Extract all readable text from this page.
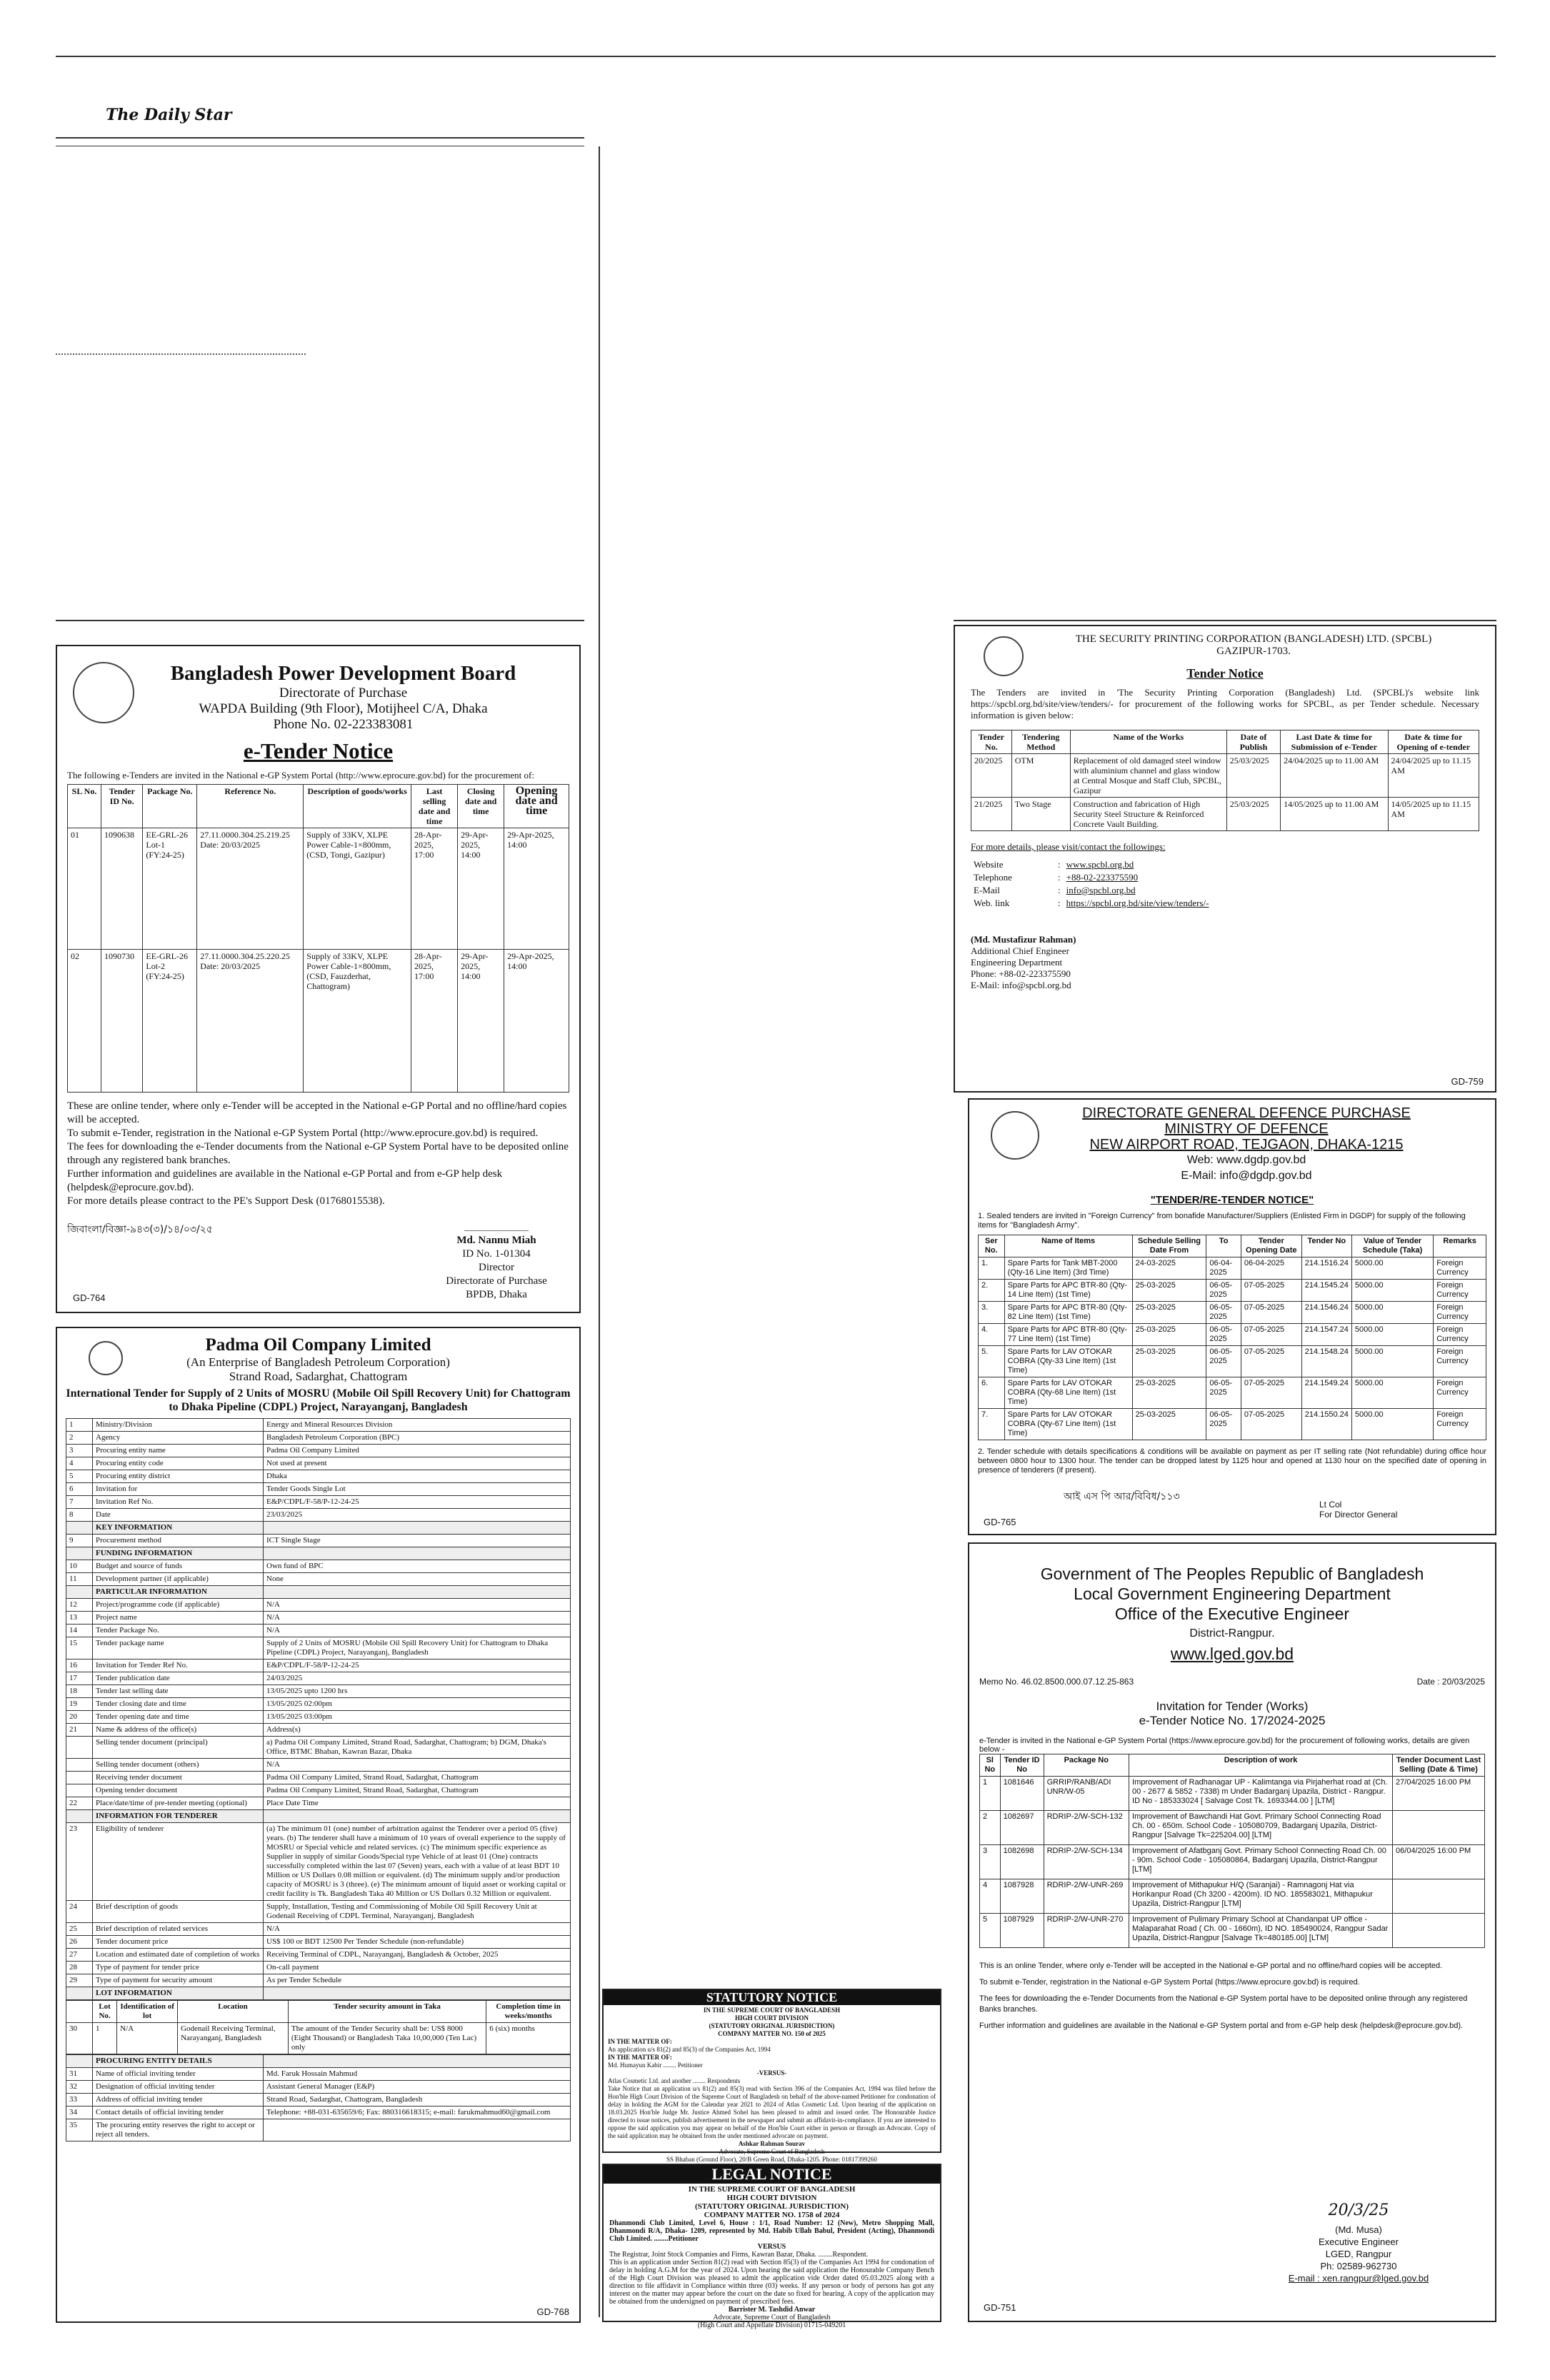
The Daily Star
Bangladesh Power Development Board
Directorate of Purchase
WAPDA Building (9th Floor), Motijheel C/A, Dhaka
Phone No. 02-223383081
e-Tender Notice
The following e-Tenders are invited in the National e-GP System Portal (http://www.eprocure.gov.bd) for the procurement of:
SL No.	Tender ID No.	Package No.	Reference No.	Description of goods/works	Last selling date and time	Closing date and time	Opening date and time
01	1090638	EE-GRL-26 Lot-1 (FY:24-25)	27.11.0000.304.25.219.25 Date: 20/03/2025	Supply of 33KV, XLPE Power Cable-1×800mm, (CSD, Tongi, Gazipur)	28-Apr-2025, 17:00	29-Apr-2025, 14:00	29-Apr-2025, 14:00
02	1090730	EE-GRL-26 Lot-2 (FY:24-25)	27.11.0000.304.25.220.25 Date: 20/03/2025	Supply of 33KV, XLPE Power Cable-1×800mm, (CSD, Fauzderhat, Chattogram)	28-Apr-2025, 17:00	29-Apr-2025, 14:00	29-Apr-2025, 14:00
These are online tender, where only e-Tender will be accepted in the National e-GP Portal and no offline/hard copies will be accepted.
To submit e-Tender, registration in the National e-GP System Portal (http://www.eprocure.gov.bd) is required.
The fees for downloading the e-Tender documents from the National e-GP System Portal have to be deposited online through any registered bank branches.
Further information and guidelines are available in the National e-GP Portal and from e-GP help desk (helpdesk@eprocure.gov.bd).
For more details please contract to the PE's Support Desk (01768015538).
জিবাংলা/বিজ্ঞা-৯৪৩(৩)/১৪/০৩/২৫
Md. Nannu Miah
ID No. 1-01304
Director
Directorate of Purchase
BPDB, Dhaka
GD-764
Padma Oil Company Limited
(An Enterprise of Bangladesh Petroleum Corporation)
Strand Road, Sadarghat, Chattogram
International Tender for Supply of 2 Units of MOSRU (Mobile Oil Spill Recovery Unit) for Chattogram to Dhaka Pipeline (CDPL) Project, Narayanganj, Bangladesh
1	Ministry/Division	Energy and Mineral Resources Division
2	Agency	Bangladesh Petroleum Corporation (BPC)
3	Procuring entity name	Padma Oil Company Limited
4	Procuring entity code	Not used at present
5	Procuring entity district	Dhaka
6	Invitation for	Tender Goods Single Lot
7	Invitation Ref No.	E&P/CDPL/F-58/P-12-24-25
8	Date	23/03/2025
	KEY INFORMATION	
9	Procurement method	ICT Single Stage
	FUNDING INFORMATION	
10	Budget and source of funds	Own fund of BPC
11	Development partner (if applicable)	None
	PARTICULAR INFORMATION	
12	Project/programme code (if applicable)	N/A
13	Project name	N/A
14	Tender Package No.	N/A
15	Tender package name	Supply of 2 Units of MOSRU (Mobile Oil Spill Recovery Unit) for Chattogram to Dhaka Pipeline (CDPL) Project, Narayanganj, Bangladesh
16	Invitation for Tender Ref No.	E&P/CDPL/F-58/P-12-24-25
17	Tender publication date	24/03/2025
18	Tender last selling date	13/05/2025 upto 1200 hrs
19	Tender closing date and time	13/05/2025 02:00pm
20	Tender opening date and time	13/05/2025 03:00pm
21	Name & address of the office(s)	Address(s)
	Selling tender document (principal)	a) Padma Oil Company Limited, Strand Road, Sadarghat, Chattogram; b) DGM, Dhaka's Office, BTMC Bhaban, Kawran Bazar, Dhaka
	Selling tender document (others)	N/A
	Receiving tender document	Padma Oil Company Limited, Strand Road, Sadarghat, Chattogram
	Opening tender document	Padma Oil Company Limited, Strand Road, Sadarghat, Chattogram
22	Place/date/time of pre-tender meeting (optional)	Place Date Time
	INFORMATION FOR TENDERER	
23	Eligibility of tenderer	(a) The minimum 01 (one) number of arbitration against the Tenderer over a period 05 (five) years. (b) The tenderer shall have a minimum of 10 years of overall experience to the supply of MOSRU or Special vehicle and related services. (c) The minimum specific experience as Supplier in supply of similar Goods/Special type Vehicle of at least 01 (One) contracts successfully completed within the last 07 (Seven) years, each with a value of at least BDT 10 Million or US Dollars 0.08 million or equivalent. (d) The minimum supply and/or production capacity of MOSRU is 3 (three). (e) The minimum amount of liquid asset or working capital or credit facility is Tk. Bangladesh Taka 40 Million or US Dollars 0.32 Million or equivalent.
24	Brief description of goods	Supply, Installation, Testing and Commissioning of Mobile Oil Spill Recovery Unit at Godenail Receiving of CDPL Terminal, Narayanganj, Bangladesh
25	Brief description of related services	N/A
26	Tender document price	US$ 100 or BDT 12500 Per Tender Schedule (non-refundable)
27	Location and estimated date of completion of works	Receiving Terminal of CDPL, Narayanganj, Bangladesh & October, 2025
28	Type of payment for tender price	On-call payment
29	Type of payment for security amount	As per Tender Schedule
	LOT INFORMATION	
	Lot No.	Identification of lot	Location	Tender security amount in Taka	Completion time in weeks/months
30	1	N/A	Godenail Receiving Terminal, Narayanganj, Bangladesh	The amount of the Tender Security shall be: US$ 8000 (Eight Thousand) or Bangladesh Taka 10,00,000 (Ten Lac) only	6 (six) months
	PROCURING ENTITY DETAILS	
31	Name of official inviting tender	Md. Faruk Hossain Mahmud
32	Designation of official inviting tender	Assistant General Manager (E&P)
33	Address of official inviting tender	Strand Road, Sadarghat, Chattogram, Bangladesh
34	Contact details of official inviting tender	Telephone: +88-031-635659/6; Fax: 880316618315; e-mail: farukmahmud60@gmail.com
35	The procuring entity reserves the right to accept or reject all tenders.	
GD-768
STATUTORY NOTICE
IN THE SUPREME COURT OF BANGLADESH
HIGH COURT DIVISION
(STATUTORY ORIGINAL JURISDICTION)
COMPANY MATTER NO. 150 of 2025
IN THE MATTER OF:
An application u/s 81(2) and 85(3) of the Companies Act, 1994
IN THE MATTER OF:
Md. Humayun Kabir ........ Petitioner
-VERSUS-
Atlas Cosmetic Ltd. and another ........ Respondents
Take Notice that an application u/s 81(2) and 85(3) read with Section 396 of the Companies Act, 1994 was filed before the Hon'ble High Court Division of the Supreme Court of Bangladesh on behalf of the above-named Petitioner for condonation of delay in holding the AGM for the Calendar year 2021 to 2024 of Atlas Cosmetic Ltd. Upon hearing of the application on 18.03.2025 Hon'ble Judge Mr. Justice Ahmed Sohel has been pleased to admit and issued order. The Honourable Justice directed to issue notices, publish advertisement in the newspaper and submit an affidavit-in-compliance. If you are interested to oppose the said application you may appear on behalf of the Hon'ble Court either in person or through an Advocate. Copy of the said application may be obtained from the under mentioned advocate on payment.
Ashkar Rahman Sourav
Advocate, Supreme Court of Bangladesh
SS Bhaban (Ground Floor), 20/B Green Road, Dhaka-1205. Phone: 01817399260
LEGAL NOTICE
IN THE SUPREME COURT OF BANGLADESH
HIGH COURT DIVISION
(STATUTORY ORIGINAL JURISDICTION)
COMPANY MATTER NO. 1758 of 2024
Dhanmondi Club Limited, Level 6, House : 1/1, Road Number: 12 (New), Metro Shopping Mall, Dhanmondi R/A, Dhaka- 1209, represented by Md. Habib Ullah Babul, President (Acting), Dhanmondi Club Limited. ........Petitioner
VERSUS
The Registrar, Joint Stock Companies and Firms, Kawran Bazar, Dhaka. ........Respondent.
This is an application under Section 81(2) read with Section 85(3) of the Companies Act 1994 for condonation of delay in holding A.G.M for the year of 2024. Upon hearing the said application the Honourable Company Bench of the High Court Division was pleased to admit the application vide Order dated 05.03.2025 along with a direction to file affidavit in Compliance within three (03) weeks. If any person or body of persons has got any interest on the matter may appear before the court on the date so fixed for hearing. A copy of the application may be obtained from the undersigned on payment of prescribed fees.
Barrister M. Tashdid Anwar
Advocate, Supreme Court of Bangladesh
(High Court and Appellate Division) 01715-049201
THE SECURITY PRINTING CORPORATION (BANGLADESH) LTD. (SPCBL)
GAZIPUR-1703.
Tender Notice
The Tenders are invited in 'The Security Printing Corporation (Bangladesh) Ltd. (SPCBL)'s website link https://spcbl.org.bd/site/view/tenders/- for procurement of the following works for SPCBL, as per Tender schedule. Necessary information is given below:
Tender No.	Tendering Method	Name of the Works	Date of Publish	Last Date & time for Submission of e-Tender	Date & time for Opening of e-tender
20/2025	OTM	Replacement of old damaged steel window with aluminium channel and glass window at Central Mosque and Staff Club, SPCBL, Gazipur	25/03/2025	24/04/2025 up to 11.00 AM	24/04/2025 up to 11.15 AM
21/2025	Two Stage	Construction and fabrication of High Security Steel Structure & Reinforced Concrete Vault Building.	25/03/2025	14/05/2025 up to 11.00 AM	14/05/2025 up to 11.15 AM
For more details, please visit/contact the followings:
Website	:	www.spcbl.org.bd
Telephone	:	+88-02-223375590
E-Mail	:	info@spcbl.org.bd
Web. link	:	https://spcbl.org.bd/site/view/tenders/-
(Md. Mustafizur Rahman)
Additional Chief Engineer
Engineering Department
Phone: +88-02-223375590
E-Mail: info@spcbl.org.bd
GD-759
DIRECTORATE GENERAL DEFENCE PURCHASE
MINISTRY OF DEFENCE
NEW AIRPORT ROAD, TEJGAON, DHAKA-1215
Web: www.dgdp.gov.bd
E-Mail: info@dgdp.gov.bd
"TENDER/RE-TENDER NOTICE"
1. Sealed tenders are invited in "Foreign Currency" from bonafide Manufacturer/Suppliers (Enlisted Firm in DGDP) for supply of the following items for "Bangladesh Army".
Ser No.	Name of Items	Schedule Selling Date From	To	Tender Opening Date	Tender No	Value of Tender Schedule (Taka)	Remarks
1.	Spare Parts for Tank MBT-2000 (Qty-16 Line Item) (3rd Time)	24-03-2025	06-04-2025	06-04-2025	214.1516.24	5000.00	Foreign Currency
2.	Spare Parts for APC BTR-80 (Qty-14 Line Item) (1st Time)	25-03-2025	06-05-2025	07-05-2025	214.1545.24	5000.00	Foreign Currency
3.	Spare Parts for APC BTR-80 (Qty-82 Line Item) (1st Time)	25-03-2025	06-05-2025	07-05-2025	214.1546.24	5000.00	Foreign Currency
4.	Spare Parts for APC BTR-80 (Qty-77 Line Item) (1st Time)	25-03-2025	06-05-2025	07-05-2025	214.1547.24	5000.00	Foreign Currency
5.	Spare Parts for LAV OTOKAR COBRA (Qty-33 Line Item) (1st Time)	25-03-2025	06-05-2025	07-05-2025	214.1548.24	5000.00	Foreign Currency
6.	Spare Parts for LAV OTOKAR COBRA (Qty-68 Line Item) (1st Time)	25-03-2025	06-05-2025	07-05-2025	214.1549.24	5000.00	Foreign Currency
7.	Spare Parts for LAV OTOKAR COBRA (Qty-67 Line Item) (1st Time)	25-03-2025	06-05-2025	07-05-2025	214.1550.24	5000.00	Foreign Currency
2. Tender schedule with details specifications & conditions will be available on payment as per IT selling rate (Not refundable) during office hour between 0800 hour to 1300 hour. The tender can be dropped latest by 1125 hour and opened at 1130 hour on the specified date of opening in presence of tenderers (if present).
আই এস পি আর/বিবিধ/১১৩
Lt Col
For Director General
GD-765
Government of The Peoples Republic of Bangladesh
Local Government Engineering Department
Office of the Executive Engineer
District-Rangpur.
www.lged.gov.bd
Memo No. 46.02.8500.000.07.12.25-863	Date : 20/03/2025
Invitation for Tender (Works)
e-Tender Notice No. 17/2024-2025
e-Tender is invited in the National e-GP System Portal (https://www.eprocure.gov.bd) for the procurement of following works, details are given below -
Sl No	Tender ID No	Package No	Description of work	Tender Document Last Selling (Date & Time)
1	1081646	GRRIP/RANB/ADI UNR/W-05	Improvement of Radhanagar UP - Kalimtanga via Pirjaherhat road at (Ch. 00 - 2677 & 5852 - 7338) m Under Badarganj Upazila, District - Rangpur. ID No - 185333024 [ Salvage Cost Tk. 1693344.00 ] [LTM]	27/04/2025 16:00 PM
2	1082697	RDRIP-2/W-SCH-132	Improvement of Bawchandi Hat Govt. Primary School Connecting Road Ch. 00 - 650m. School Code - 105080709, Badarganj Upazila, District-Rangpur [Salvage Tk=225204.00] [LTM]	
3	1082698	RDRIP-2/W-SCH-134	Improvement of Afatbganj Govt. Primary School Connecting Road Ch. 00 - 90m. School Code - 105080864, Badarganj Upazila, District-Rangpur [LTM]	06/04/2025 16:00 PM
4	1087928	RDRIP-2/W-UNR-269	Improvement of Mithapukur H/Q (Saranjai) - Ramnagonj Hat via Horikanpur Road (Ch 3200 - 4200m). ID NO. 185583021, Mithapukur Upazila, District-Rangpur [LTM]	
5	1087929	RDRIP-2/W-UNR-270	Improvement of Pulimary Primary School at Chandanpat UP office - Malaparahat Road ( Ch. 00 - 1660m), ID NO. 185490024, Rangpur Sadar Upazila, District-Rangpur [Salvage Tk=480185.00] [LTM]	
This is an online Tender, where only e-Tender will be accepted in the National e-GP portal and no offline/hard copies will be accepted.
To submit e-Tender, registration in the National e-GP System Portal (https://www.eprocure.gov.bd) is required.
The fees for downloading the e-Tender Documents from the National e-GP System portal have to be deposited online through any registered Banks branches.
Further information and guidelines are available in the National e-GP System portal and from e-GP help desk (helpdesk@eprocure.gov.bd).
20/3/25
(Md. Musa)
Executive Engineer
LGED, Rangpur
Ph: 02589-962730
E-mail : xen.rangpur@lged.gov.bd
GD-751
